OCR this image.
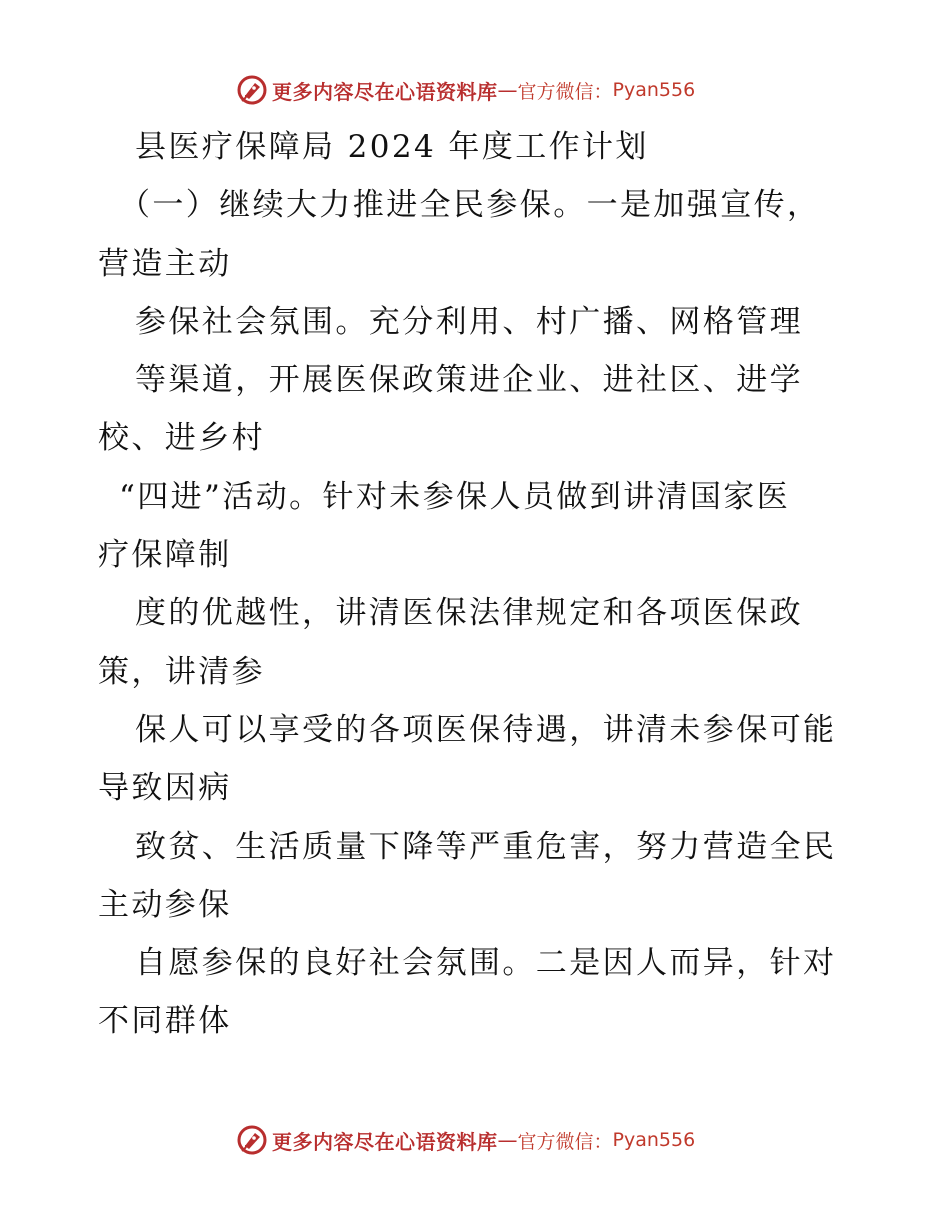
更多内容尽在心语资料库 — 官方微信： Pyan556
县医疗保障局 2024 年度工作计划
（一）继续大力推进全民参保。一是加强宣传，
营造主动
参保社会氛围。充分利用、村广播、网格管理
等渠道，开展医保政策进企业、进社区、进学
校、进乡村
“四进”活动。针对未参保人员做到讲清国家医
疗保障制
度的优越性，讲清医保法律规定和各项医保政
策，讲清参
保人可以享受的各项医保待遇，讲清未参保可能
导致因病
致贫、生活质量下降等严重危害，努力营造全民
主动参保
自愿参保的良好社会氛围。二是因人而异，针对
不同群体
更多内容尽在心语资料库 — 官方微信： Pyan556
